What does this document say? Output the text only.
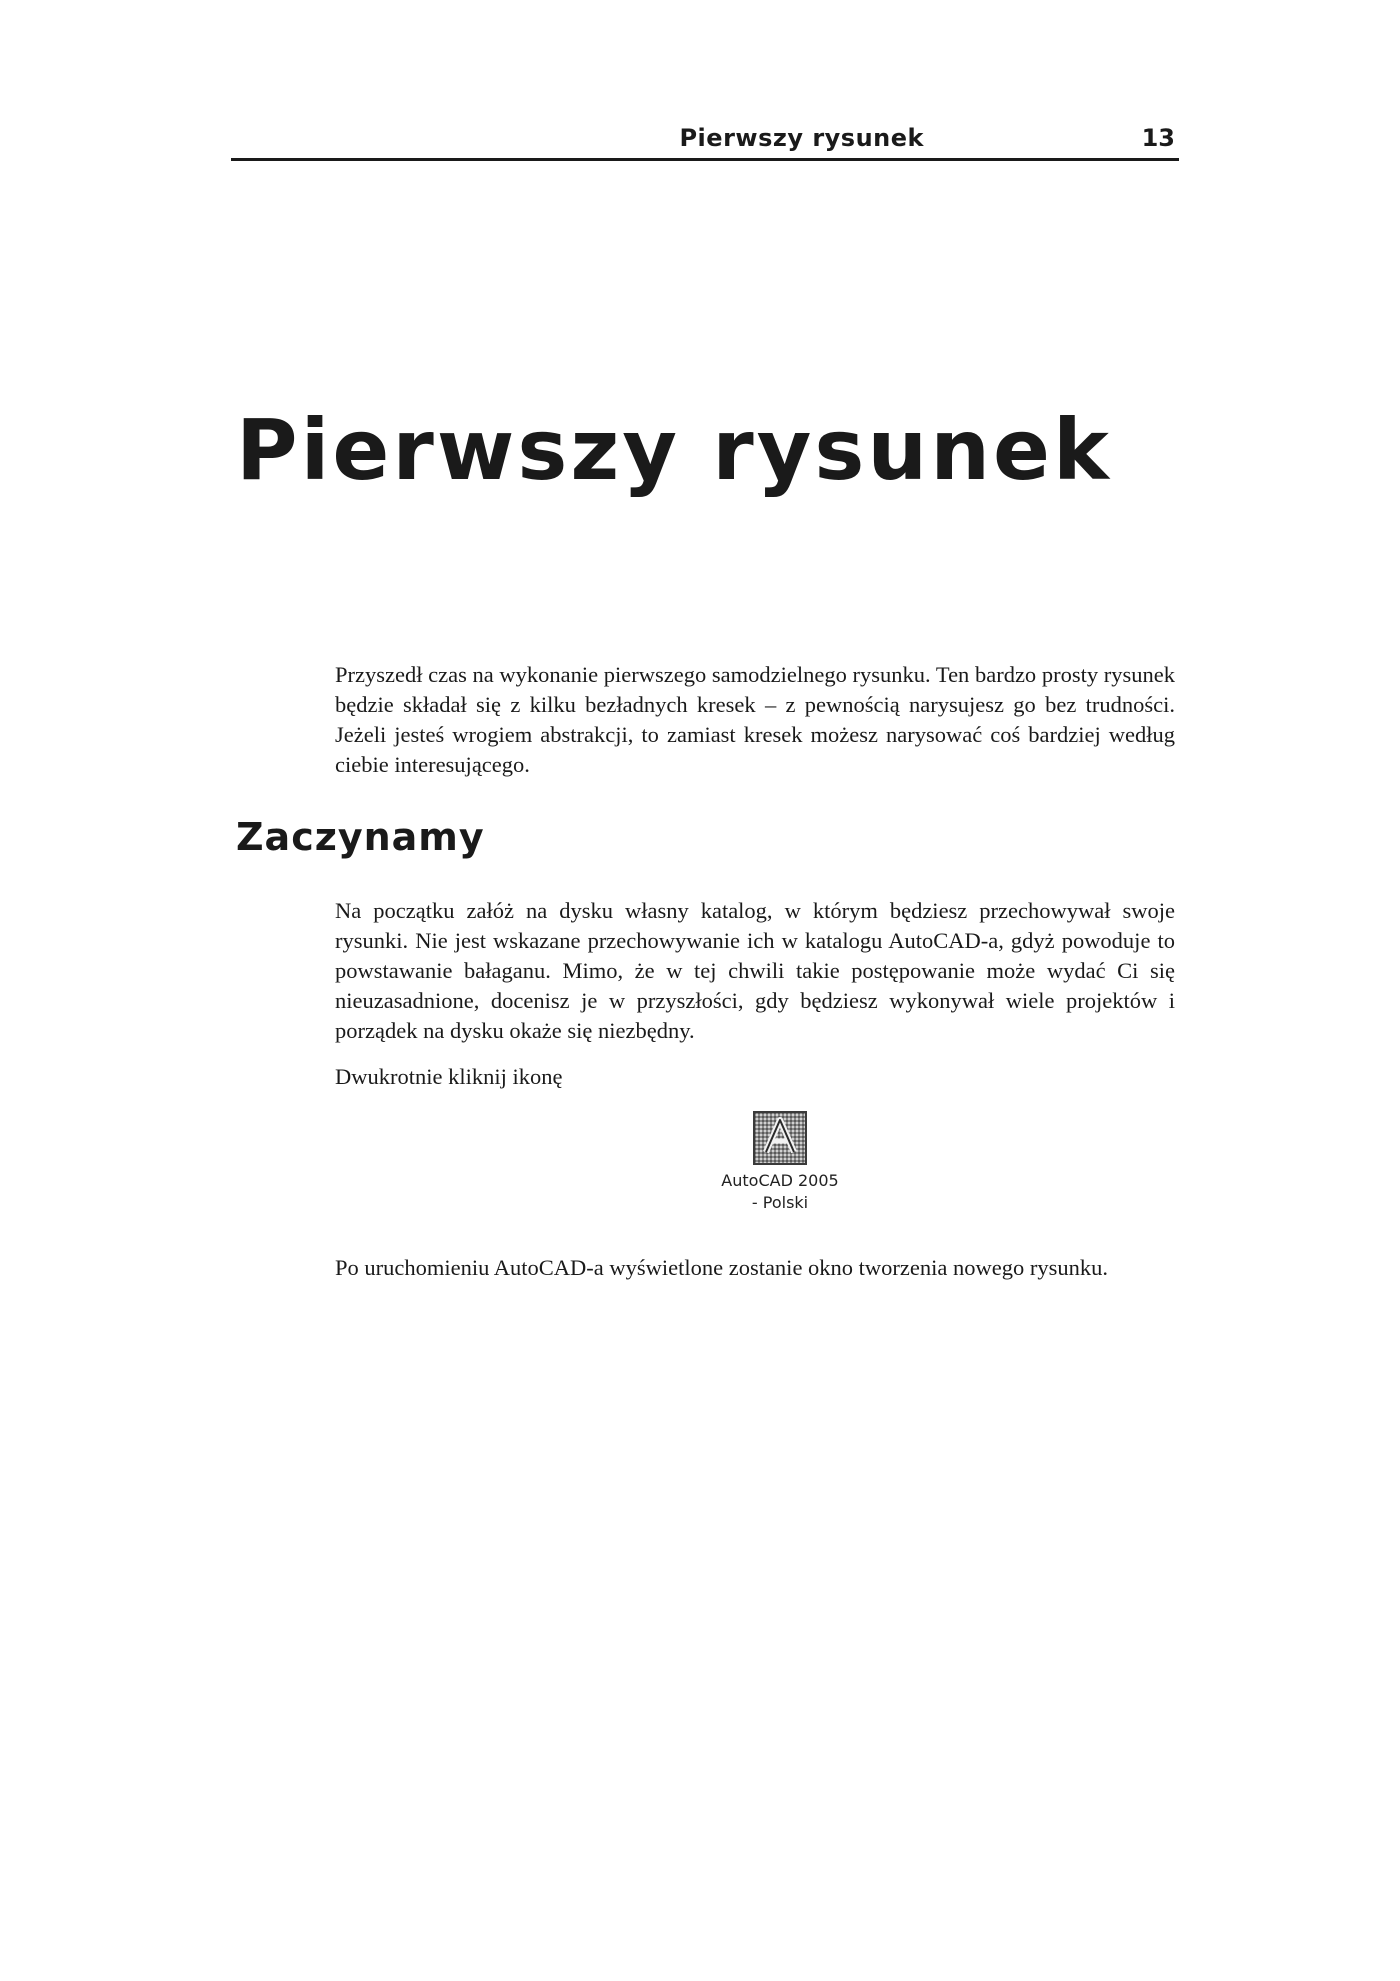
Pierwszy rysunek	13
Pierwszy rysunek

Przyszedł czas na wykonanie pierwszego samodzielnego rysunku. Ten bardzo prosty rysunek będzie składał się z kilku bezładnych kresek – z pewnością narysujesz go bez trudności. Jeżeli jesteś wrogiem abstrakcji, to zamiast kresek możesz narysować coś bardziej według ciebie interesującego.

Zaczynamy

Na początku załóż na dysku własny katalog, w którym będziesz przechowywał swoje rysunki. Nie jest wskazane przechowywanie ich w katalogu AutoCAD-a, gdyż powoduje to powstawanie bałaganu. Mimo, że w tej chwili takie postępowanie może wydać Ci się nieuzasadnione, docenisz je w przyszłości, gdy będziesz wykonywał wiele projektów i porządek na dysku okaże się niezbędny.

Dwukrotnie kliknij ikonę

AutoCAD 2005
- Polski

Po uruchomieniu AutoCAD-a wyświetlone zostanie okno tworzenia nowego rysunku.
